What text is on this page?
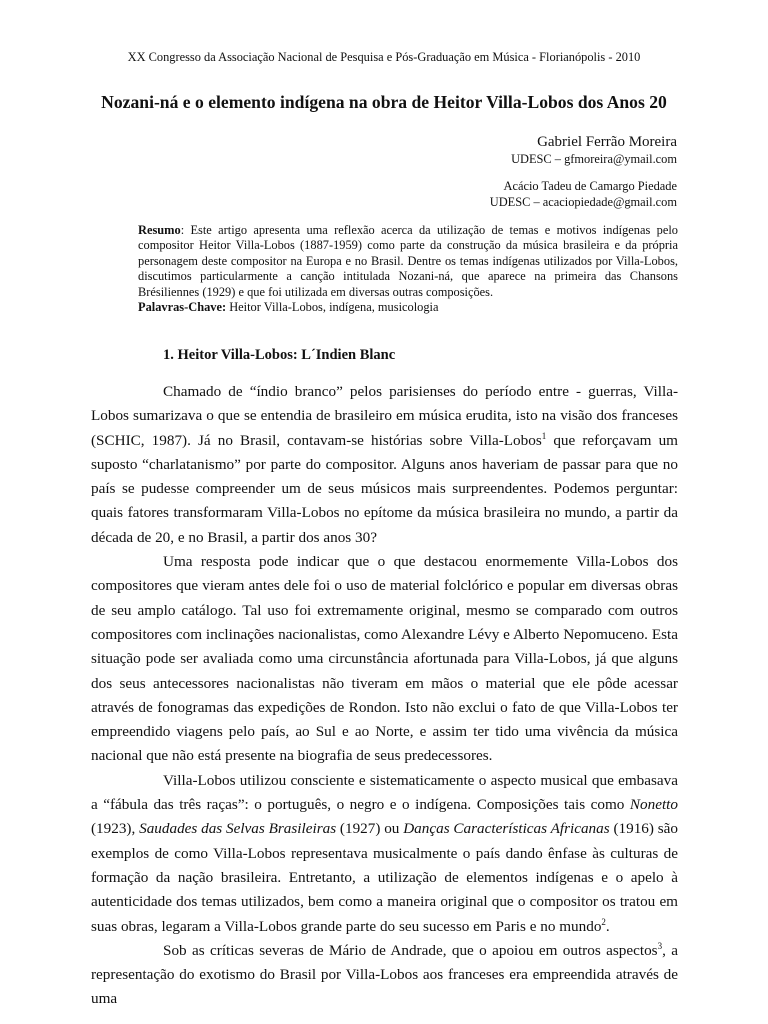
XX Congresso da Associação Nacional de Pesquisa e Pós-Graduação em Música - Florianópolis - 2010
Nozani-ná e o elemento indígena na obra de Heitor Villa-Lobos dos Anos 20
Gabriel Ferrão Moreira
UDESC – gfmoreira@ymail.com
Acácio Tadeu de Camargo Piedade
UDESC – acaciopiedade@gmail.com

Resumo: Este artigo apresenta uma reflexão acerca da utilização de temas e motivos indígenas pelo compositor Heitor Villa-Lobos (1887-1959) como parte da construção da música brasileira e da própria personagem deste compositor na Europa e no Brasil. Dentre os temas indígenas utilizados por Villa-Lobos, discutimos particularmente a canção intitulada Nozani-ná, que aparece na primeira das Chansons Brésiliennes (1929) e que foi utilizada em diversas outras composições.

Palavras-Chave: Heitor Villa-Lobos, indígena, musicologia

1. Heitor Villa-Lobos: L´Indien Blanc

Chamado de “índio branco” pelos parisienses do período entre - guerras, Villa-Lobos sumarizava o que se entendia de brasileiro em música erudita, isto na visão dos franceses (SCHIC, 1987). Já no Brasil, contavam-se histórias sobre Villa-Lobos$^1$ que reforçavam um suposto “charlatanismo” por parte do compositor. Alguns anos haveriam de passar para que no país se pudesse compreender um de seus músicos mais surpreendentes. Podemos perguntar: quais fatores transformaram Villa-Lobos no epítome da música brasileira no mundo, a partir da década de 20, e no Brasil, a partir dos anos 30?

Uma resposta pode indicar que o que destacou enormemente Villa-Lobos dos compositores que vieram antes dele foi o uso de material folclórico e popular em diversas obras de seu amplo catálogo. Tal uso foi extremamente original, mesmo se comparado com outros compositores com inclinações nacionalistas, como Alexandre Lévy e Alberto Nepomuceno. Esta situação pode ser avaliada como uma circunstância afortunada para Villa-Lobos, já que alguns dos seus antecessores nacionalistas não tiveram em mãos o material que ele pôde acessar através de fonogramas das expedições de Rondon. Isto não exclui o fato de que Villa-Lobos ter empreendido viagens pelo país, ao Sul e ao Norte, e assim ter tido uma vivência da música nacional que não está presente na biografia de seus predecessores.

Villa-Lobos utilizou consciente e sistematicamente o aspecto musical que embasava a “fábula das três raças”: o português, o negro e o indígena. Composições tais como Nonetto (1923), Saudades das Selvas Brasileiras (1927) ou Danças Características Africanas (1916) são exemplos de como Villa-Lobos representava musicalmente o país dando ênfase às culturas de formação da nação brasileira. Entretanto, a utilização de elementos indígenas e o apelo à autenticidade dos temas utilizados, bem como a maneira original que o compositor os tratou em suas obras, legaram a Villa-Lobos grande parte do seu sucesso em Paris e no mundo$^2$.

Sob as críticas severas de Mário de Andrade, que o apoiou em outros aspectos$^3$, a representação do exotismo do Brasil por Villa-Lobos aos franceses era empreendida através de uma
